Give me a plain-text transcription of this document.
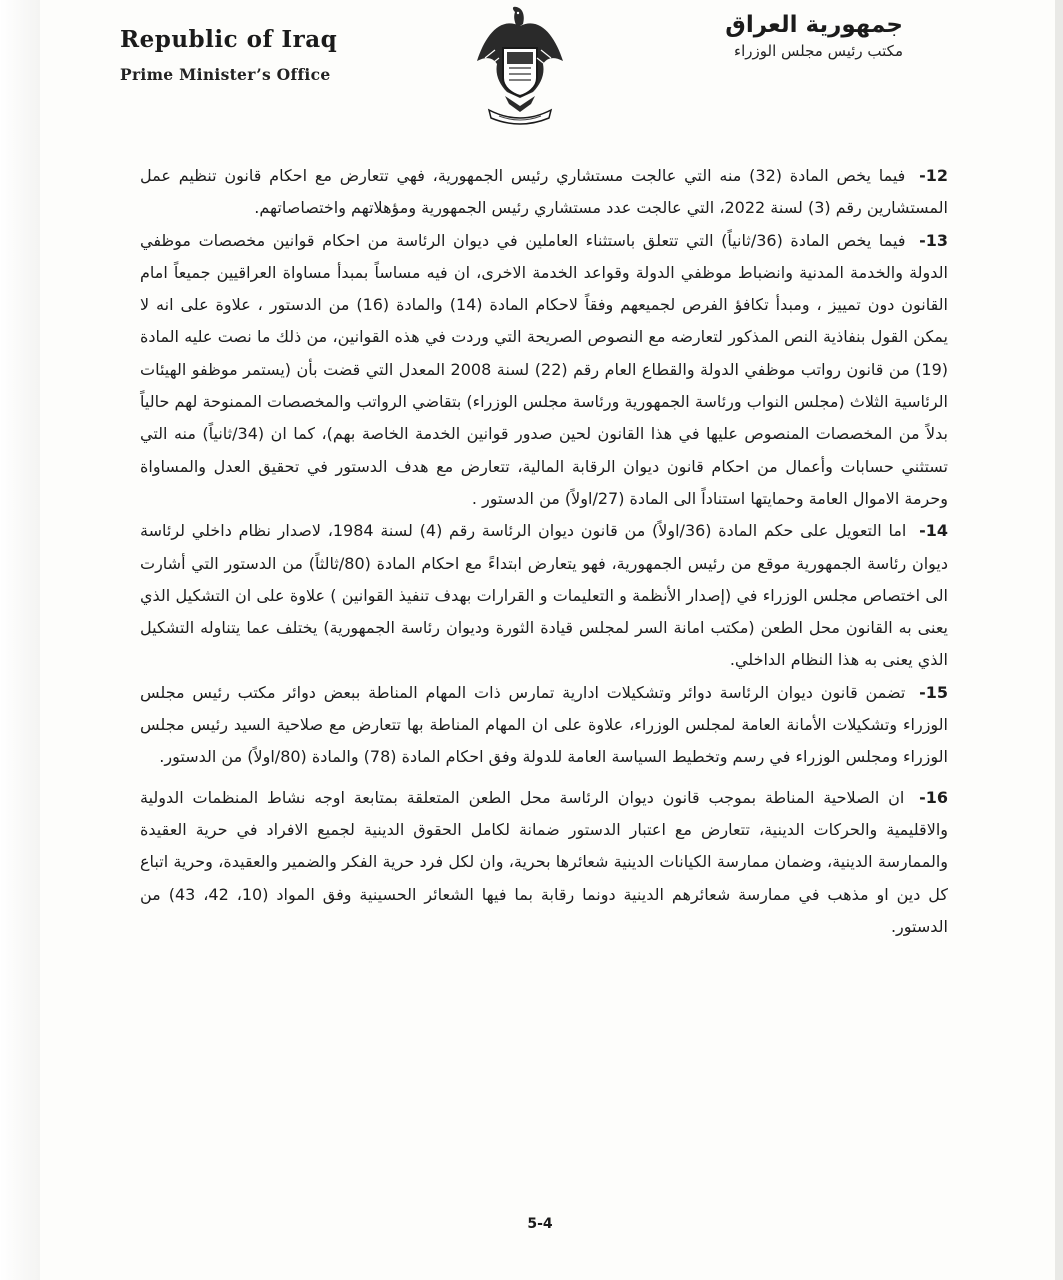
Republic of Iraq
Prime Minister’s Office
جمهورية العراق
مكتب رئيس مجلس الوزراء

12- فيما يخص المادة (32) منه التي عالجت مستشاري رئيس الجمهورية، فهي تتعارض مع احكام قانون تنظيم عمل المستشارين رقم (3) لسنة 2022، التي عالجت عدد مستشاري رئيس الجمهورية ومؤهلاتهم واختصاصاتهم.

13- فيما يخص المادة (36/ثانياً) التي تتعلق باستثناء العاملين في ديوان الرئاسة من احكام قوانين مخصصات موظفي الدولة والخدمة المدنية وانضباط موظفي الدولة وقواعد الخدمة الاخرى، ان فيه مساساً بمبدأ مساواة العراقيين جميعاً امام القانون دون تمييز ، ومبدأ تكافؤ الفرص لجميعهم وفقاً لاحكام المادة (14) والمادة (16) من الدستور ، علاوة على انه لا يمكن القول بنفاذية النص المذكور لتعارضه مع النصوص الصريحة التي وردت في هذه القوانين، من ذلك ما نصت عليه المادة (19) من قانون رواتب موظفي الدولة والقطاع العام رقم (22) لسنة 2008 المعدل التي قضت بأن (يستمر موظفو الهيئات الرئاسية الثلاث (مجلس النواب ورئاسة الجمهورية ورئاسة مجلس الوزراء) بتقاضي الرواتب والمخصصات الممنوحة لهم حالياً بدلاً من المخصصات المنصوص عليها في هذا القانون لحين صدور قوانين الخدمة الخاصة بهم)، كما ان (34/ثانياً) منه التي تستثني حسابات وأعمال من احكام قانون ديوان الرقابة المالية، تتعارض مع هدف الدستور في تحقيق العدل والمساواة وحرمة الاموال العامة وحمايتها استناداً الى المادة (27/اولاً) من الدستور .

14- اما التعويل على حكم المادة (36/اولاً) من قانون ديوان الرئاسة رقم (4) لسنة 1984، لاصدار نظام داخلي لرئاسة ديوان رئاسة الجمهورية موقع من رئيس الجمهورية، فهو يتعارض ابتداءً مع احكام المادة (80/ثالثاً) من الدستور التي أشارت الى اختصاص مجلس الوزراء في (إصدار الأنظمة و التعليمات و القرارات بهدف تنفيذ القوانين ) علاوة على ان التشكيل الذي يعنى به القانون محل الطعن (مكتب امانة السر لمجلس قيادة الثورة وديوان رئاسة الجمهورية) يختلف عما يتناوله التشكيل الذي يعنى به هذا النظام الداخلي.

15- تضمن قانون ديوان الرئاسة دوائر وتشكيلات ادارية تمارس ذات المهام المناطة ببعض دوائر مكتب رئيس مجلس الوزراء وتشكيلات الأمانة العامة لمجلس الوزراء، علاوة على ان المهام المناطة بها تتعارض مع صلاحية السيد رئيس مجلس الوزراء ومجلس الوزراء في رسم وتخطيط السياسة العامة للدولة وفق احكام المادة (78) والمادة (80/اولاً) من الدستور.

16- ان الصلاحية المناطة بموجب قانون ديوان الرئاسة محل الطعن المتعلقة بمتابعة اوجه نشاط المنظمات الدولية والاقليمية والحركات الدينية، تتعارض مع اعتبار الدستور ضمانة لكامل الحقوق الدينية لجميع الافراد في حرية العقيدة والممارسة الدينية، وضمان ممارسة الكيانات الدينية شعائرها بحرية، وان لكل فرد حرية الفكر والضمير والعقيدة، وحرية اتباع كل دين او مذهب في ممارسة شعائرهم الدينية دونما رقابة بما فيها الشعائر الحسينية وفق المواد (10، 42، 43) من الدستور.

5-4
